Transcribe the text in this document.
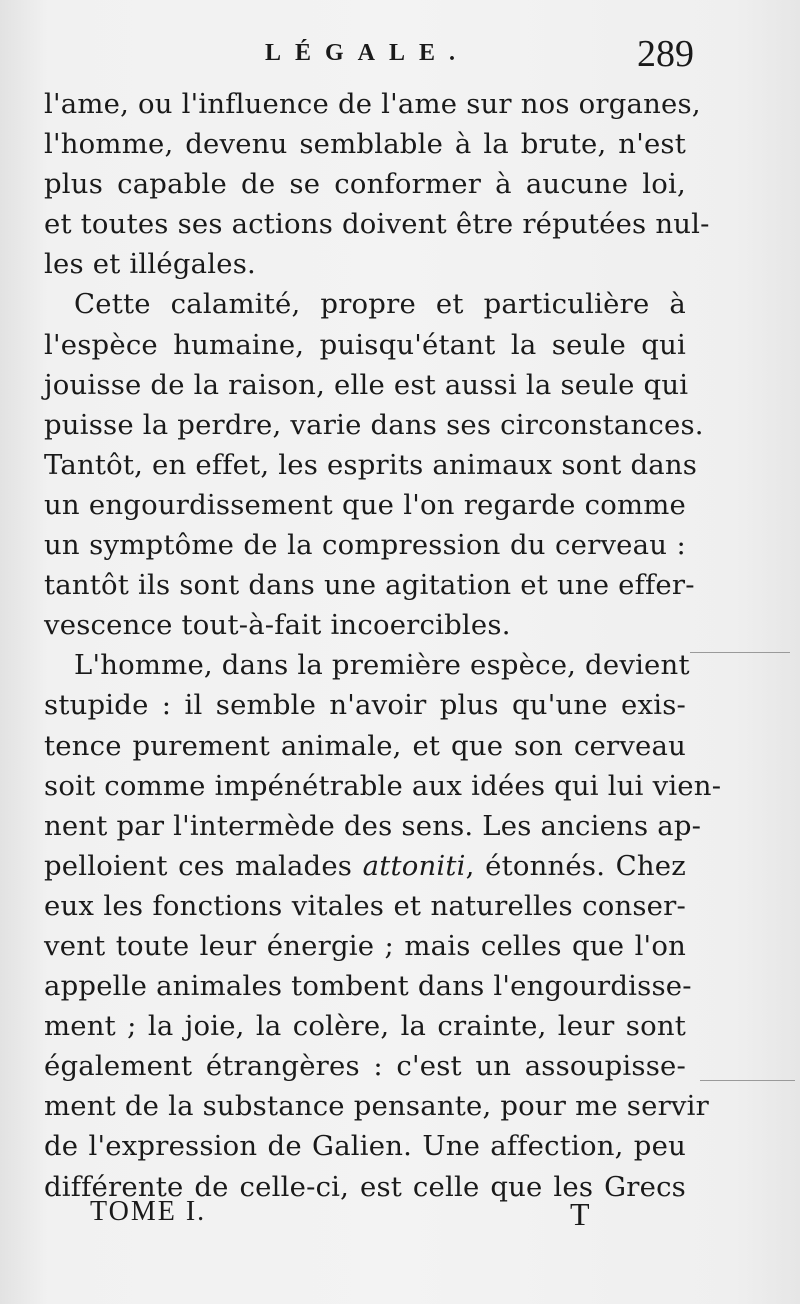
LÉGALE.	289
l'ame, ou l'influence de l'ame sur nos organes,
l'homme, devenu semblable à la brute, n'est
plus capable de se conformer à aucune loi,
et toutes ses actions doivent être réputées nul-
les et illégales.
Cette calamité, propre et particulière à
l'espèce humaine, puisqu'étant la seule qui
jouisse de la raison, elle est aussi la seule qui
puisse la perdre, varie dans ses circonstances.
Tantôt, en effet, les esprits animaux sont dans
un engourdissement que l'on regarde comme
un symptôme de la compression du cerveau :
tantôt ils sont dans une agitation et une effer-
vescence tout-à-fait incoercibles.
L'homme, dans la première espèce, devient
stupide : il semble n'avoir plus qu'une exis-
tence purement animale, et que son cerveau
soit comme impénétrable aux idées qui lui vien-
nent par l'intermède des sens. Les anciens ap-
pelloient ces malades attoniti, étonnés. Chez
eux les fonctions vitales et naturelles conser-
vent toute leur énergie ; mais celles que l'on
appelle animales tombent dans l'engourdisse-
ment ; la joie, la colère, la crainte, leur sont
également étrangères : c'est un assoupisse-
ment de la substance pensante, pour me servir
de l'expression de Galien. Une affection, peu
différente de celle-ci, est celle que les Grecs
TOME I.	T
